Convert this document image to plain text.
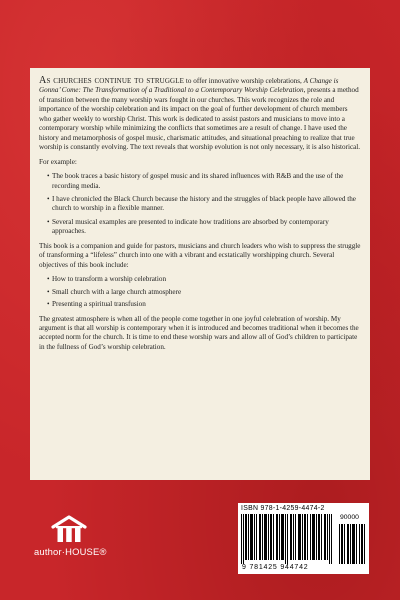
As churches continue to struggle to offer innovative worship celebrations, A Change is Gonna’ Come: The Transformation of a Traditional to a Contemporary Worship Celebration, presents a method of transition between the many worship wars fought in our churches. This work recognizes the role and importance of the worship celebration and its impact on the goal of further development of church members who gather weekly to worship Christ. This work is dedicated to assist pastors and musicians to move into a contemporary worship while minimizing the conflicts that sometimes are a result of change. I have used the history and metamorphosis of gospel music, charismatic attitudes, and situational preaching to realize that true worship is constantly evolving. The text reveals that worship evolution is not only necessary, it is also historical.

For example:

• The book traces a basic history of gospel music and its shared influences with R&B and the use of the recording media.
• I have chronicled the Black Church because the history and the struggles of black people have allowed the church to worship in a flexible manner.
• Several musical examples are presented to indicate how traditions are absorbed by contemporary approaches.

This book is a companion and guide for pastors, musicians and church leaders who wish to suppress the struggle of transforming a “lifeless” church into one with a vibrant and ecstatically worshipping church. Several objectives of this book include:

• How to transform a worship celebration
• Small church with a large church atmosphere
• Presenting a spiritual transfusion

The greatest atmosphere is when all of the people come together in one joyful celebration of worship. My argument is that all worship is contemporary when it is introduced and becomes traditional when it becomes the accepted norm for the church. It is time to end these worship wars and allow all of God’s children to participate in the fullness of God’s worship celebration.

author·HOUSE®
ISBN 978-1-4259-4474-2
90000
9 781425 944742
